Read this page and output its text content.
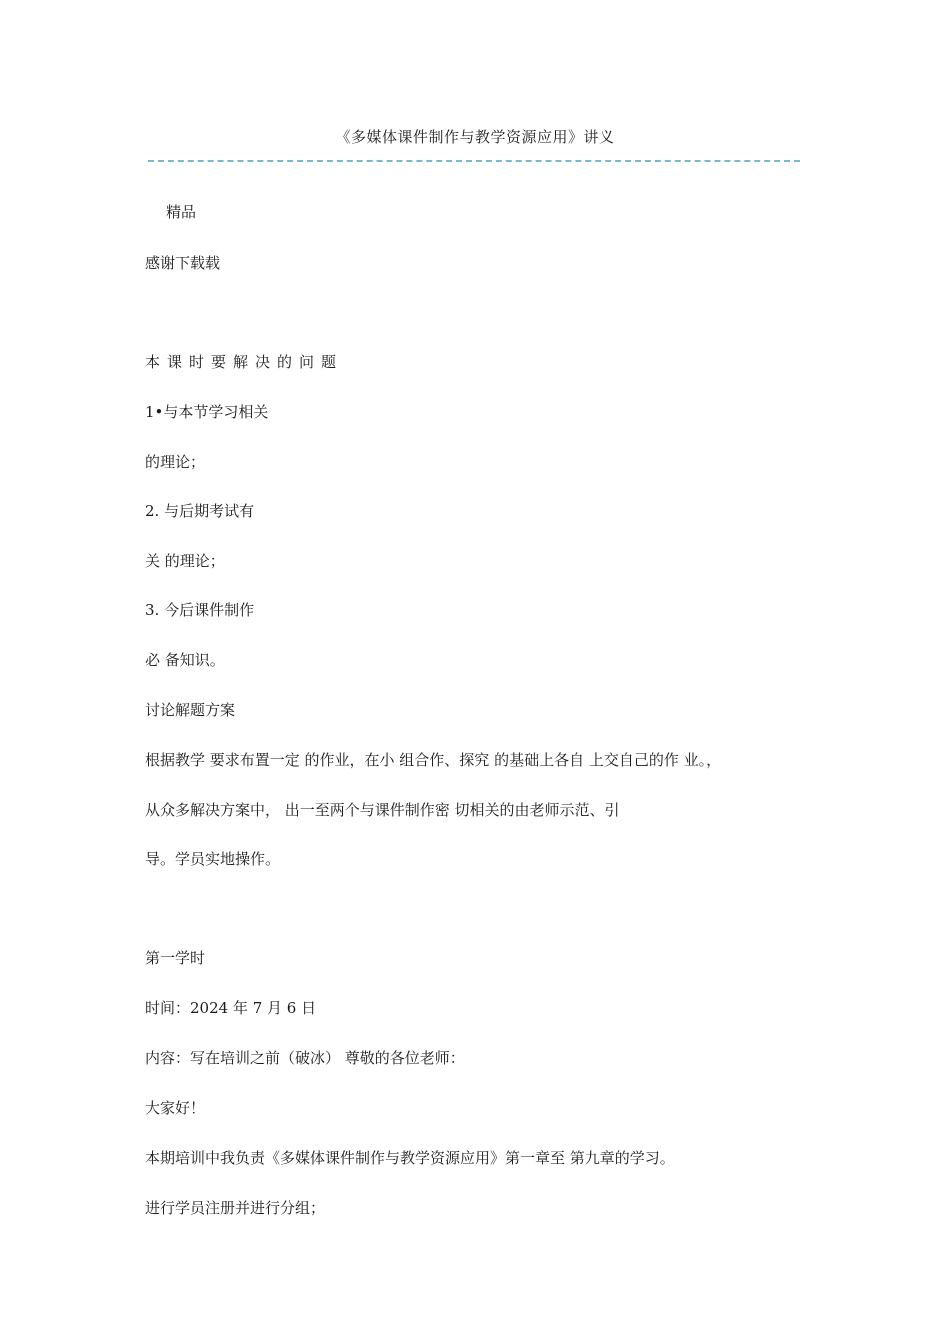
《多媒体课件制作与教学资源应用》讲义
精品
感谢下载载
本课时要解决的问题
1•与本节学习相关
的理论；
2. 与后期考试有
关 的理论；
3. 今后课件制作
必 备知识。
讨论解题方案
根据教学 要求布置一定 的作业，在小 组合作、探究 的基础上各自 上交自己的作 业。，
从众多解决方案中， 出一至两个与课件制作密 切相关的由老师示范、引
导。学员实地操作。
第一学时
时间：2024 年 7 月 6 日
内容：写在培训之前（破冰） 尊敬的各位老师：
大家好！
本期培训中我负责《多媒体课件制作与教学资源应用》第一章至 第九章的学习。
进行学员注册并进行分组；
